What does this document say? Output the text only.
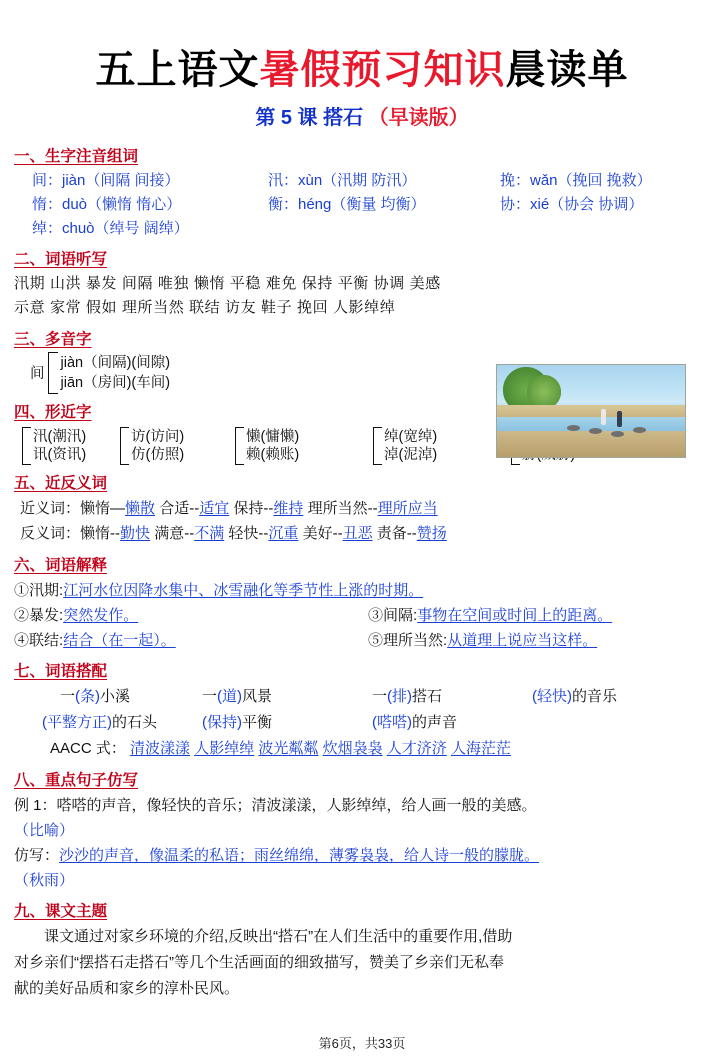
五上语文暑假预习知识晨读单
第 5 课 搭石 （早读版）
一、生字注音组词
间：jiàn（间隔 间接）	汛：xùn（汛期 防汛）	挽：wǎn（挽回 挽救）
惰：duò（懒惰 惰心）	衡：héng（衡量 均衡）	协：xié（协会 协调）
绰：chuò（绰号 阔绰）
二、词语听写
汛期 山洪 暴发 间隔 唯独 懒惰 平稳 难免 保持 平衡 协调 美感
示意 家常 假如 理所当然 联结 访友 鞋子 挽回 人影绰绰
三、多音字
间
jiàn（间隔)(间隙)
jiān（房间)(车间)
四、形近字
汛(潮汛)
讯(资讯)
访(访问)
仿(仿照)
懒(慵懒)
赖(赖账)
绰(宽绰)
淖(泥淖)
五、近反义词
近义词：懒惰—懒散 合适--适宜 保持--维持 理所当然--理所应当
反义词：懒惰--勤快 满意--不满 轻快--沉重 美好--丑恶 责备--赞扬
六、词语解释
①汛期:江河水位因降水集中、冰雪融化等季节性上涨的时期。
②暴发:突然发作。	③间隔:事物在空间或时间上的距离。
④联结:结合（在一起）。	⑤理所当然:从道理上说应当这样。
七、词语搭配
一(条)小溪	一(道)风景	一(排)搭石	(轻快)的音乐
(平整方正)的石头	(保持)平衡	(嗒嗒)的声音
AACC 式： 清波漾漾 人影绰绰 波光粼粼 炊烟袅袅 人才济济 人海茫茫
八、重点句子仿写
例 1：嗒嗒的声音，像轻快的音乐；清波漾漾，人影绰绰，给人画一般的美感。
（比喻）
仿写：沙沙的声音，像温柔的私语；雨丝绵绵，薄雾袅袅，给人诗一般的朦胧。
（秋雨）
九、课文主题
课文通过对家乡环境的介绍,反映出“搭石”在人们生活中的重要作用,借助
对乡亲们“摆搭石走搭石”等几个生活画面的细致描写，赞美了乡亲们无私奉
献的美好品质和家乡的淳朴民风。
第6页，共33页
